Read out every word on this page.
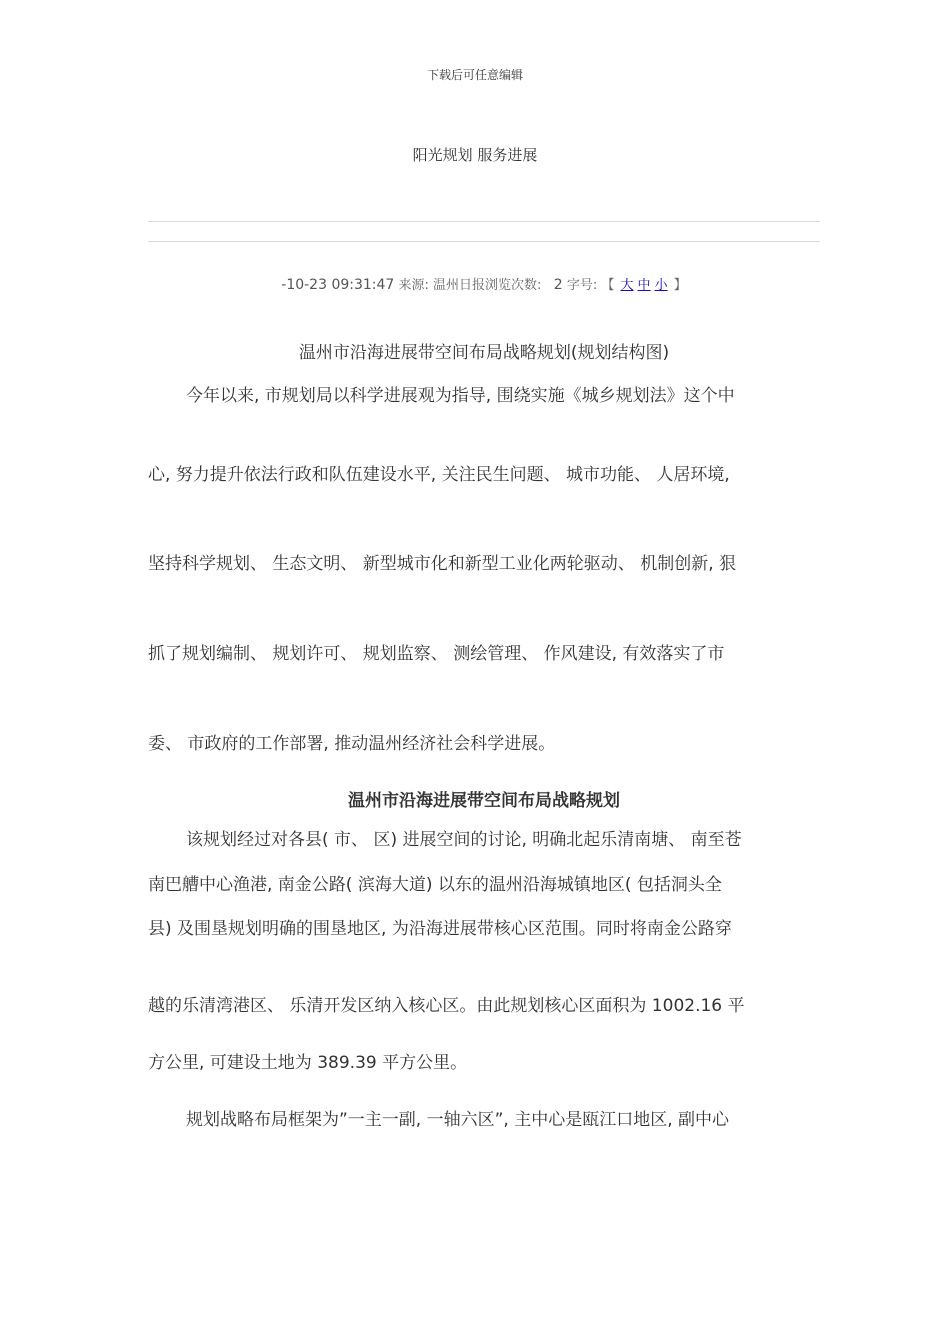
下载后可任意编辑
阳光规划 服务进展
-10-23 09:31:47 来源: 温州日报浏览次数: 2 字号: 【 大 中 小 】
温州市沿海进展带空间布局战略规划(规划结构图)
今年以来, 市规划局以科学进展观为指导, 围绕实施《城乡规划法》这个中
心, 努力提升依法行政和队伍建设水平, 关注民生问题、 城市功能、 人居环境,
坚持科学规划、 生态文明、 新型城市化和新型工业化两轮驱动、 机制创新, 狠
抓了规划编制、 规划许可、 规划监察、 测绘管理、 作风建设, 有效落实了市
委、 市政府的工作部署, 推动温州经济社会科学进展。
温州市沿海进展带空间布局战略规划
该规划经过对各县( 市、 区) 进展空间的讨论, 明确北起乐清南塘、 南至苍
南巴艚中心渔港, 南金公路( 滨海大道) 以东的温州沿海城镇地区( 包括洞头全
县) 及围垦规划明确的围垦地区, 为沿海进展带核心区范围。同时将南金公路穿
越的乐清湾港区、 乐清开发区纳入核心区。由此规划核心区面积为 1002.16 平
方公里, 可建设土地为 389.39 平方公里。
规划战略布局框架为”一主一副, 一轴六区”, 主中心是瓯江口地区, 副中心
